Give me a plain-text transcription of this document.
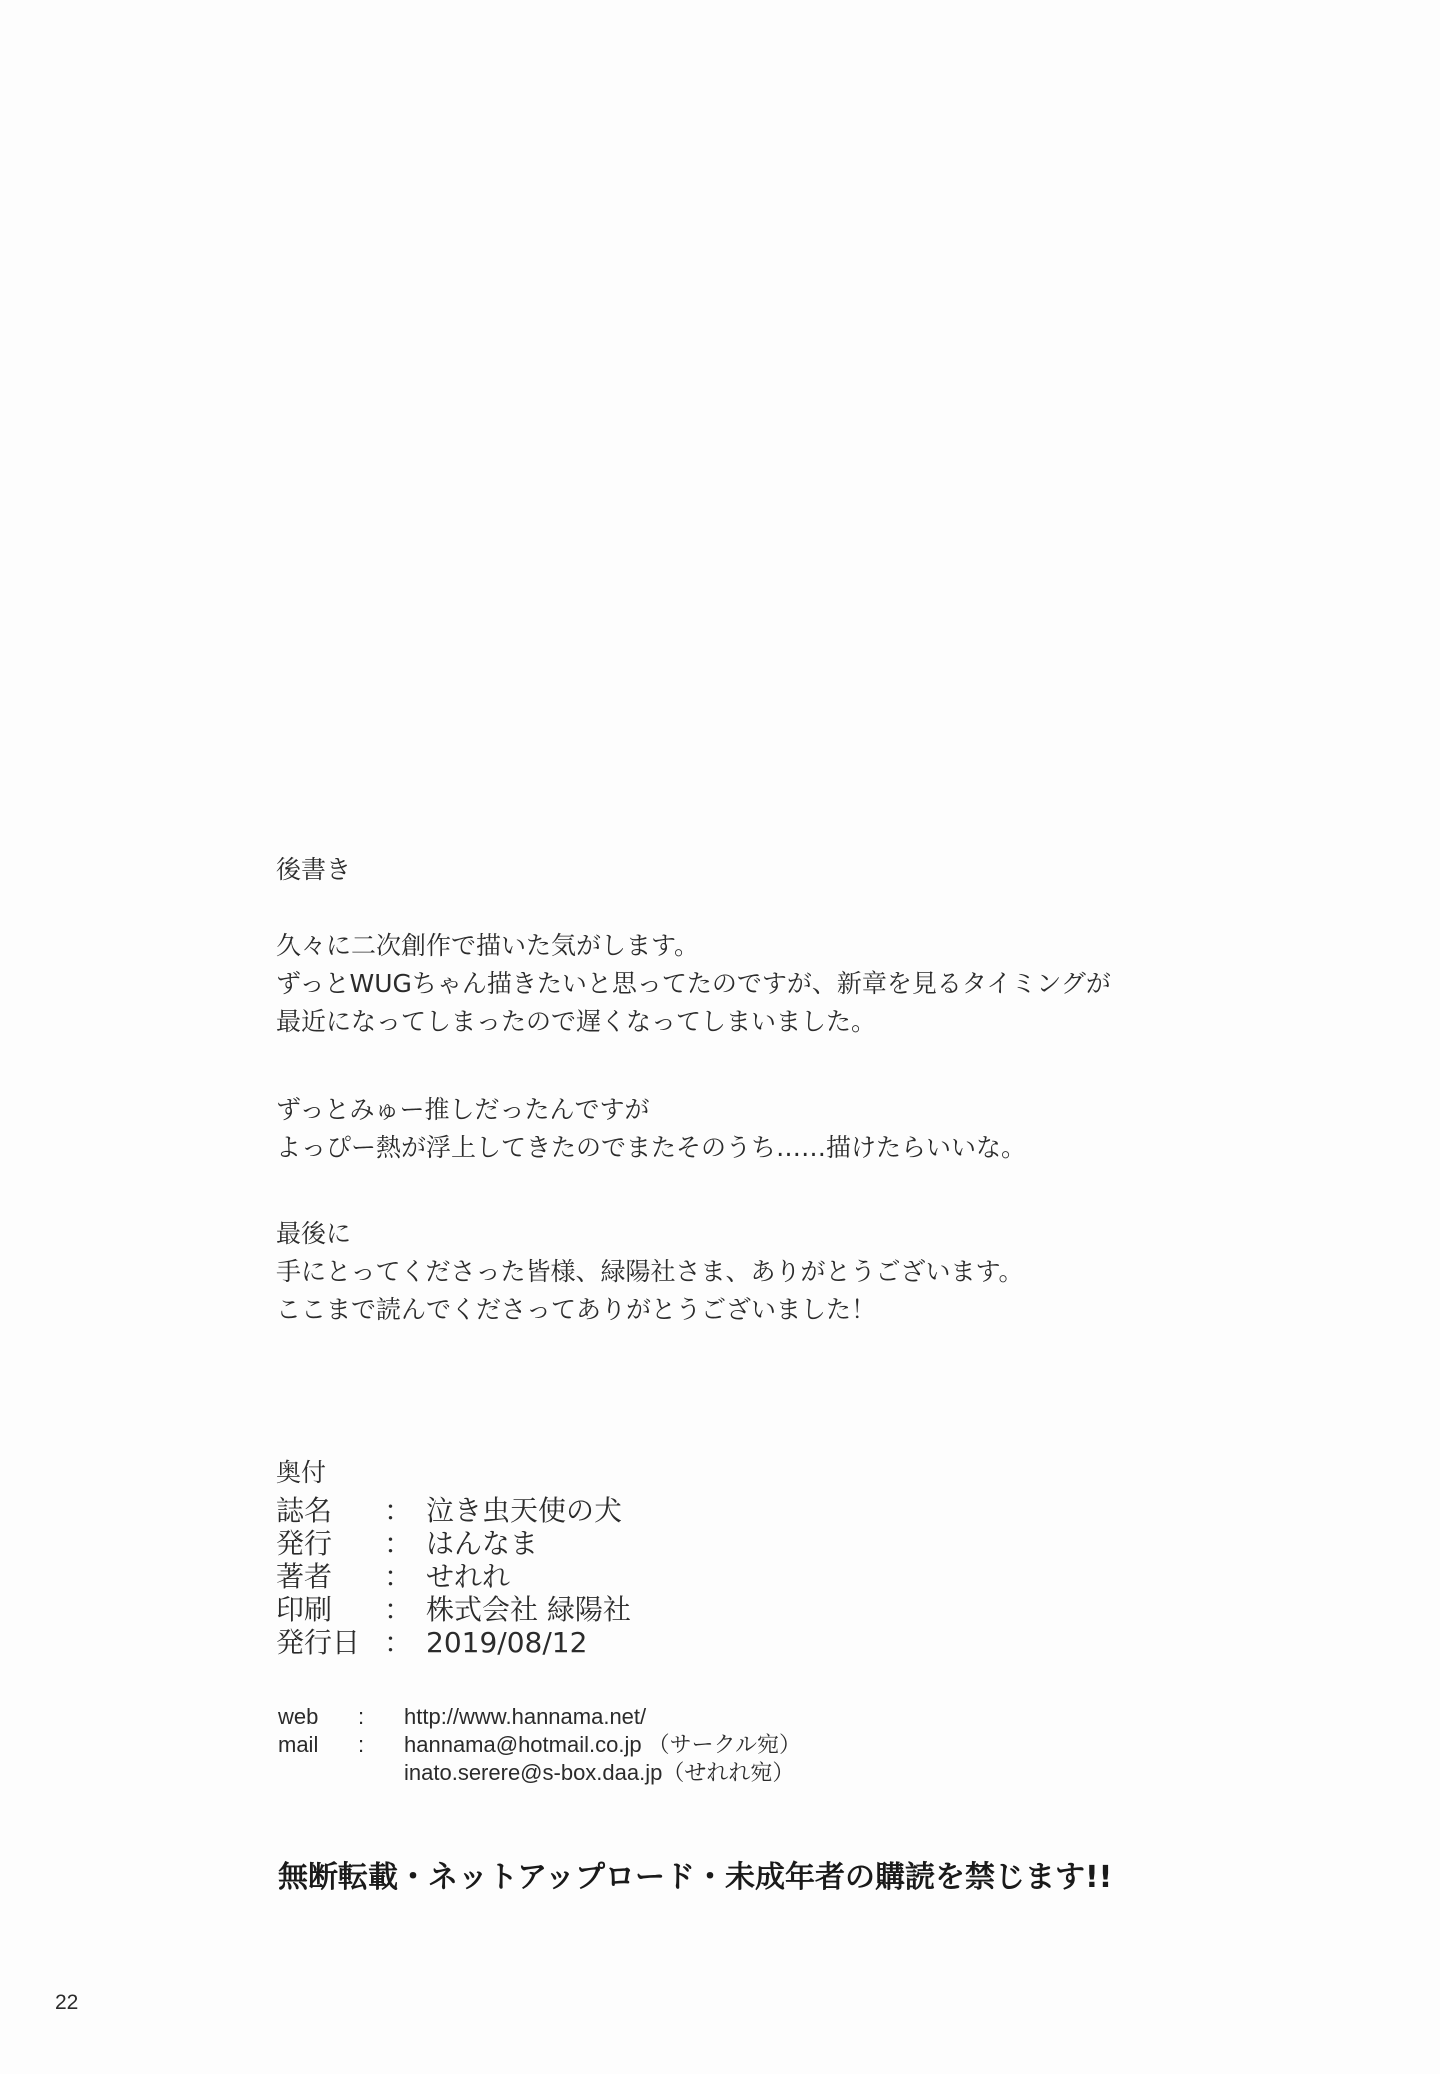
後書き
久々に二次創作で描いた気がします。
ずっとWUGちゃん描きたいと思ってたのですが、新章を見るタイミングが
最近になってしまったので遅くなってしまいました。
ずっとみゅー推しだったんですが
よっぴー熱が浮上してきたのでまたそのうち……描けたらいいな。
最後に
手にとってくださった皆様、緑陽社さま、ありがとうございます。
ここまで読んでくださってありがとうございました！
奥付
誌名	： 泣き虫天使の犬
発行	： はんなま
著者	： せれれ
印刷	： 株式会社 緑陽社
発行日 ： 2019/08/12
web	:	http://www.hannama.net/
mail	:	hannama@hotmail.co.jp （サークル宛）
inato.serere@s-box.daa.jp（せれれ宛）
無断転載・ネットアップロード・未成年者の購読を禁じます!!
22
